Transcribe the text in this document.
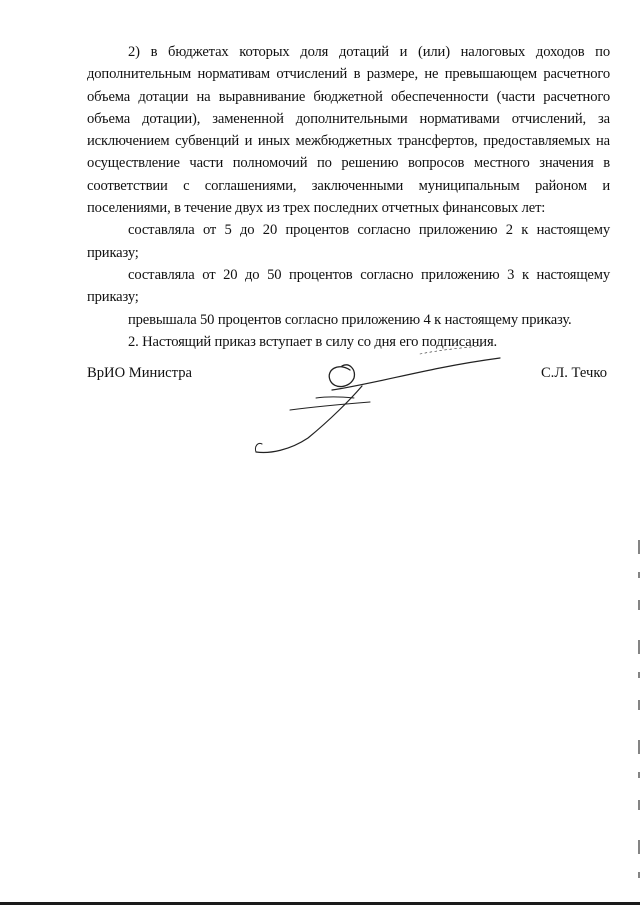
2) в бюджетах которых доля дотаций и (или) налоговых доходов по дополнительным нормативам отчислений в размере, не превышающем расчетного объема дотации на выравнивание бюджетной обеспеченности (части расчетного объема дотации), замененной дополнительными нормативами отчислений, за исключением субвенций и иных межбюджетных трансфертов, предоставляемых на осуществление части полномочий по решению вопросов местного значения в соответствии с соглашениями, заключенными муниципальным районом и поселениями, в течение двух из трех последних отчетных финансовых лет:

составляла от 5 до 20 процентов согласно приложению 2 к настоящему приказу;

составляла от 20 до 50 процентов согласно приложению 3 к настоящему приказу;

превышала 50 процентов согласно приложению 4 к настоящему приказу.

2. Настоящий приказ вступает в силу со дня его подписания.

ВрИО Министра	С.Л. Течко
